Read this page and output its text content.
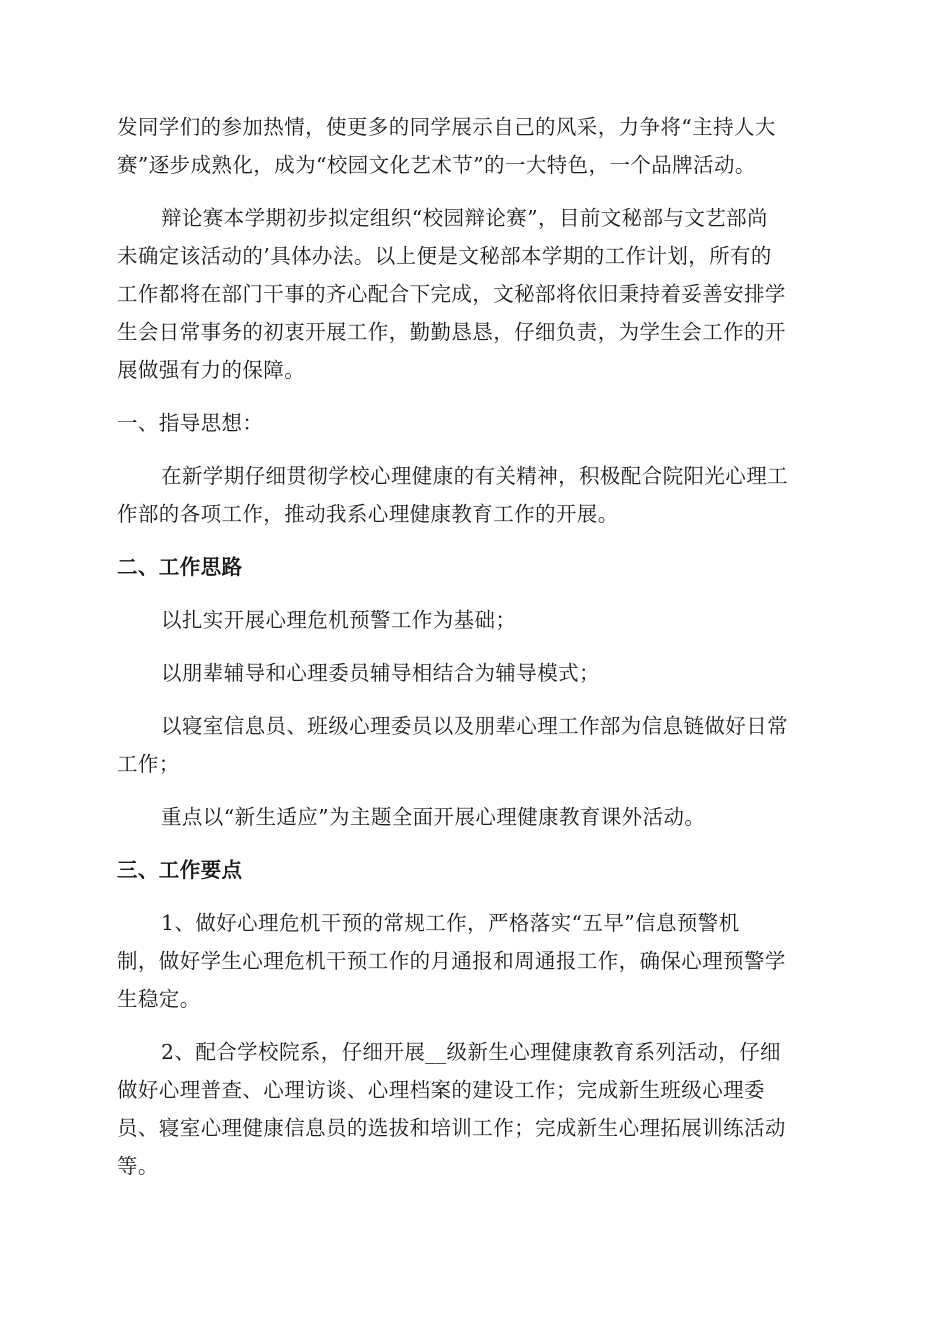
发同学们的参加热情，使更多的同学展示自己的风采，力争将“主持人大
赛”逐步成熟化，成为“校园文化艺术节”的一大特色，一个品牌活动。
辩论赛本学期初步拟定组织“校园辩论赛”，目前文秘部与文艺部尚
未确定该活动的’具体办法。以上便是文秘部本学期的工作计划，所有的
工作都将在部门干事的齐心配合下完成，文秘部将依旧秉持着妥善安排学
生会日常事务的初衷开展工作，勤勤恳恳，仔细负责，为学生会工作的开
展做强有力的保障。
一、指导思想：
在新学期仔细贯彻学校心理健康的有关精神，积极配合院阳光心理工
作部的各项工作，推动我系心理健康教育工作的开展。
二、工作思路
以扎实开展心理危机预警工作为基础；
以朋辈辅导和心理委员辅导相结合为辅导模式；
以寝室信息员、班级心理委员以及朋辈心理工作部为信息链做好日常
工作；
重点以“新生适应”为主题全面开展心理健康教育课外活动。
三、工作要点
1、做好心理危机干预的常规工作，严格落实“五早”信息预警机
制，做好学生心理危机干预工作的月通报和周通报工作，确保心理预警学
生稳定。
2、配合学校院系，仔细开展__级新生心理健康教育系列活动，仔细
做好心理普查、心理访谈、心理档案的建设工作；完成新生班级心理委
员、寝室心理健康信息员的选拔和培训工作；完成新生心理拓展训练活动
等。
